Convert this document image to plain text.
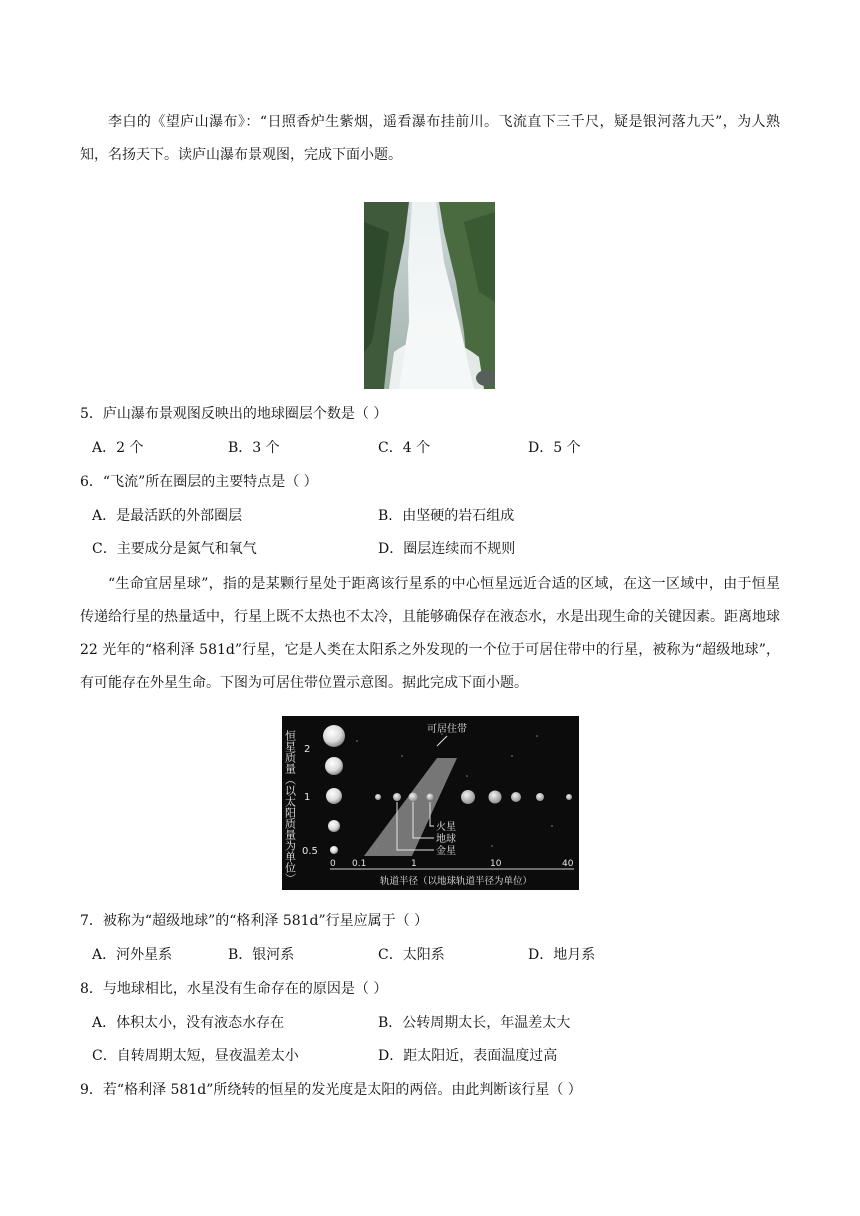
李白的《望庐山瀑布》：“日照香炉生紫烟，遥看瀑布挂前川。飞流直下三千尺，疑是银河落九天”，为人熟知，名扬天下。读庐山瀑布景观图，完成下面小题。
5．庐山瀑布景观图反映出的地球圈层个数是（ ）
A．2 个	B．3 个	C．4 个	D．5 个
6．“飞流”所在圈层的主要特点是（ ）
A．是最活跃的外部圈层	B．由坚硬的岩石组成
C．主要成分是氮气和氧气	D．圈层连续而不规则
“生命宜居星球”，指的是某颗行星处于距离该行星系的中心恒星远近合适的区域，在这一区域中，由于恒星传递给行星的热量适中，行星上既不太热也不太冷，且能够确保存在液态水，水是出现生命的关键因素。距离地球 22 光年的“格利泽 581d”行星，它是人类在太阳系之外发现的一个位于可居住带中的行星，被称为“超级地球”，有可能存在外星生命。下图为可居住带位置示意图。据此完成下面小题。
恒星质量（以太阳质量为单位） 2
1
0.5
可居住带
火星
地球
金星
0 0.1	1	10	40
轨道半径（以地球轨道半径为单位）
7．被称为“超级地球”的“格利泽 581d”行星应属于（ ）
A．河外星系	B．银河系	C．太阳系	D．地月系
8．与地球相比，水星没有生命存在的原因是（ ）
A．体积太小，没有液态水存在	B．公转周期太长，年温差太大
C．自转周期太短，昼夜温差太小	D．距太阳近，表面温度过高
9．若“格利泽 581d”所绕转的恒星的发光度是太阳的两倍。由此判断该行星（ ）
